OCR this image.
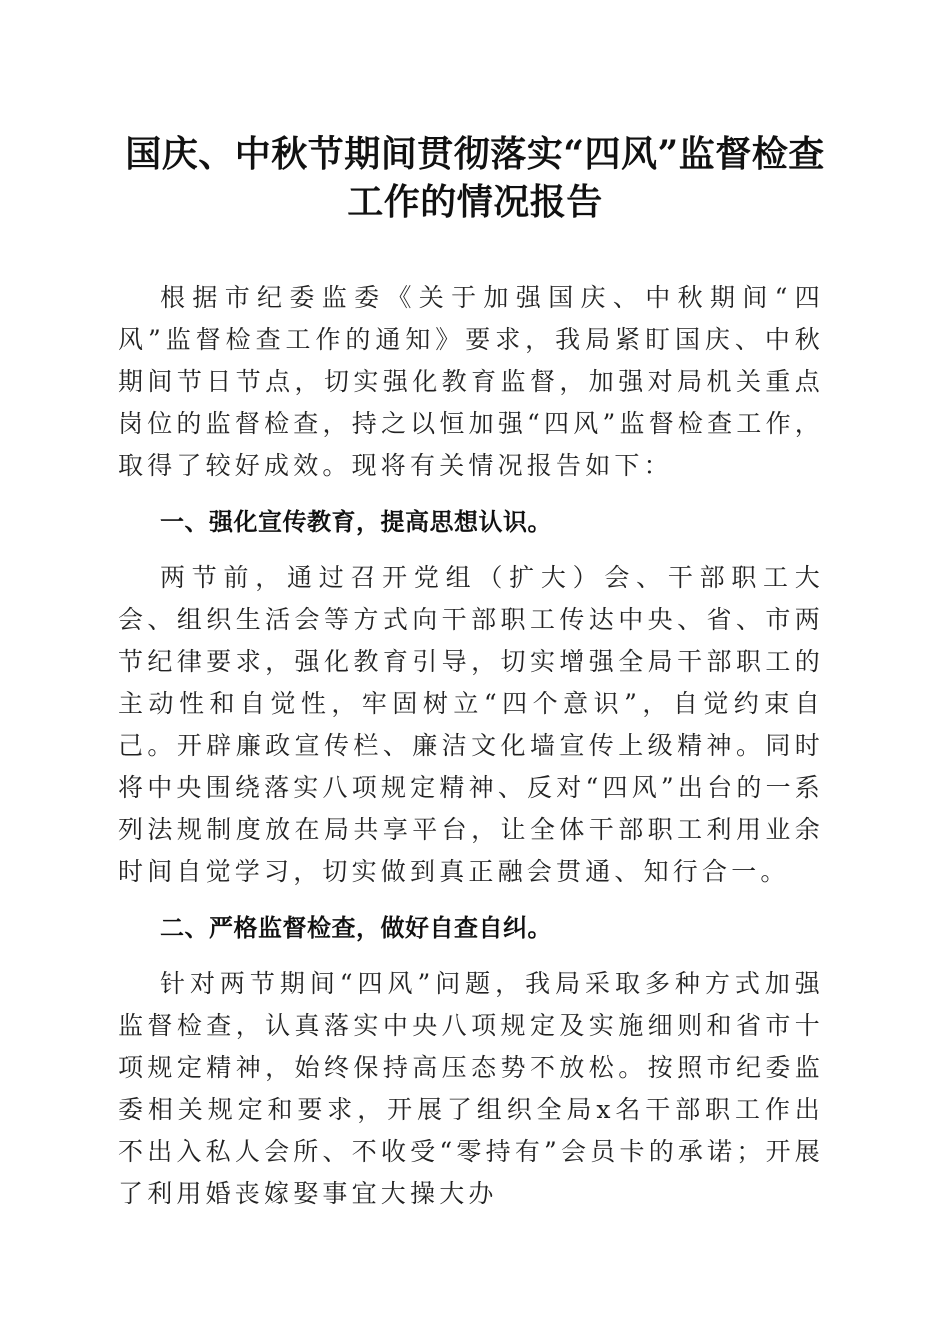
国庆、中秋节期间贯彻落实“四风”监督检查
工作的情况报告

根据市纪委监委《关于加强国庆、中秋期间“四风”监督检查工作的通知》要求，我局紧盯国庆、中秋期间节日节点，切实强化教育监督，加强对局机关重点岗位的监督检查，持之以恒加强“四风”监督检查工作，取得了较好成效。现将有关情况报告如下：

一、强化宣传教育，提高思想认识。

两节前，通过召开党组（扩大）会、干部职工大会、组织生活会等方式向干部职工传达中央、省、市两节纪律要求，强化教育引导，切实增强全局干部职工的主动性和自觉性，牢固树立“四个意识”，自觉约束自己。开辟廉政宣传栏、廉洁文化墙宣传上级精神。同时将中央围绕落实八项规定精神、反对“四风”出台的一系列法规制度放在局共享平台，让全体干部职工利用业余时间自觉学习，切实做到真正融会贯通、知行合一。

二、严格监督检查，做好自查自纠。

针对两节期间“四风”问题，我局采取多种方式加强监督检查，认真落实中央八项规定及实施细则和省市十项规定精神，始终保持高压态势不放松。按照市纪委监委相关规定和要求，开展了组织全局x名干部职工作出不出入私人会所、不收受“零持有”会员卡的承诺；开展了利用婚丧嫁娶事宜大操大办
